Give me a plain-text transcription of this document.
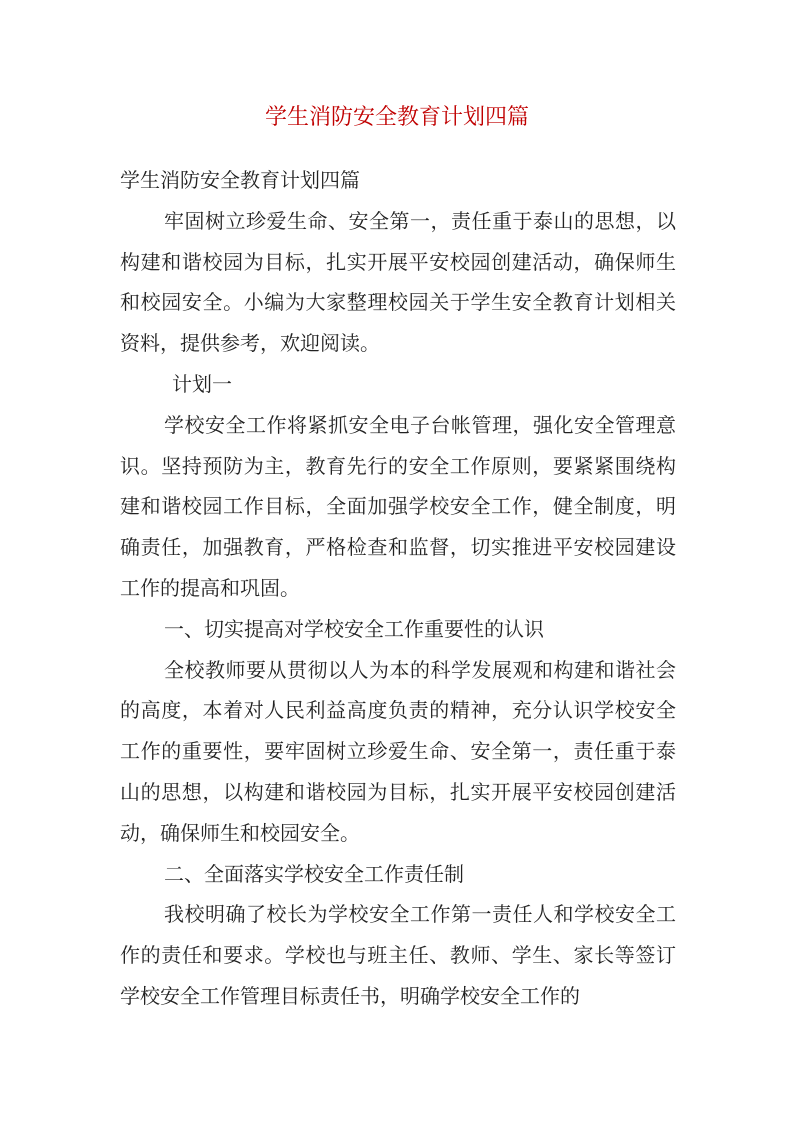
学生消防安全教育计划四篇

学生消防安全教育计划四篇

牢固树立珍爱生命、安全第一，责任重于泰山的思想，以构建和谐校园为目标，扎实开展平安校园创建活动，确保师生和校园安全。小编为大家整理校园关于学生安全教育计划相关资料，提供参考，欢迎阅读。

计划一

学校安全工作将紧抓安全电子台帐管理，强化安全管理意识。坚持预防为主，教育先行的安全工作原则，要紧紧围绕构建和谐校园工作目标，全面加强学校安全工作，健全制度，明确责任，加强教育，严格检查和监督，切实推进平安校园建设工作的提高和巩固。

一、切实提高对学校安全工作重要性的认识

全校教师要从贯彻以人为本的科学发展观和构建和谐社会的高度，本着对人民利益高度负责的精神，充分认识学校安全工作的重要性，要牢固树立珍爱生命、安全第一，责任重于泰山的思想，以构建和谐校园为目标，扎实开展平安校园创建活动，确保师生和校园安全。

二、全面落实学校安全工作责任制

我校明确了校长为学校安全工作第一责任人和学校安全工作的责任和要求。学校也与班主任、教师、学生、家长等签订学校安全工作管理目标责任书，明确学校安全工作的
